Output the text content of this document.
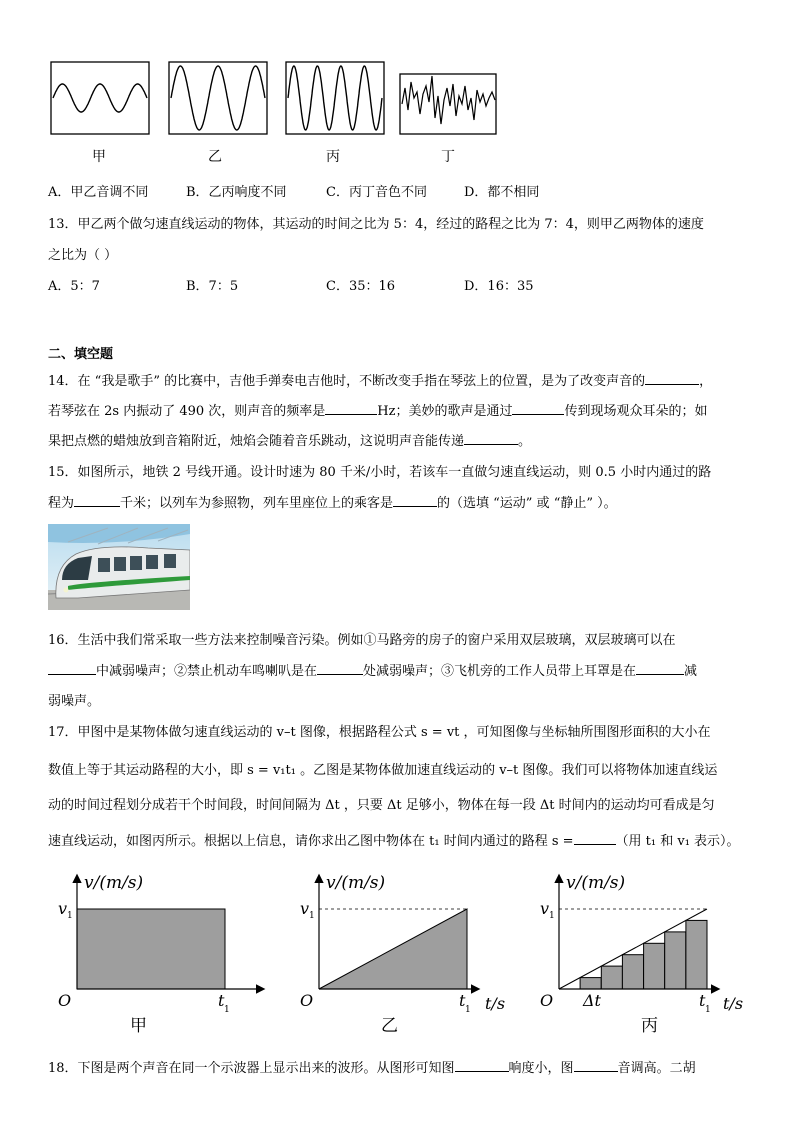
甲	乙	丙	丁
A．甲乙音调不同	B．乙丙响度不同	C．丙丁音色不同	D．都不相同
13．甲乙两个做匀速直线运动的物体，其运动的时间之比为 5：4，经过的路程之比为 7：4，则甲乙两物体的速度
之比为（ ）
A．5：7	B．7：5	C．35：16	D．16：35
二、填空题
14．在 “我是歌手” 的比赛中，吉他手弹奏电吉他时，不断改变手指在琴弦上的位置，是为了改变声音的	，
若琴弦在 2s 内振动了 490 次，则声音的频率是	Hz；美妙的歌声是通过	传到现场观众耳朵的；如
果把点燃的蜡烛放到音箱附近，烛焰会随着音乐跳动，这说明声音能传递	。
15．如图所示，地铁 2 号线开通。设计时速为 80 千米/小时，若该车一直做匀速直线运动，则 0.5 小时内通过的路
程为	千米；以列车为参照物，列车里座位上的乘客是	的（选填 “运动” 或 “静止” ）。
16．生活中我们常采取一些方法来控制噪音污染。例如①马路旁的房子的窗户采用双层玻璃，双层玻璃可以在
中减弱噪声；②禁止机动车鸣喇叭是在	处减弱噪声；③飞机旁的工作人员带上耳罩是在	减
弱噪声。
17．甲图中是某物体做匀速直线运动的 v–t 图像，根据路程公式 s = vt ，可知图像与坐标轴所围图形面积的大小在
数值上等于其运动路程的大小，即 s = v₁t₁ 。乙图是某物体做加速直线运动的 v–t 图像。我们可以将物体加速直线运
动的时间过程划分成若干个时间段，时间间隔为 Δt ，只要 Δt 足够小，物体在每一段 Δt 时间内的运动均可看成是匀
速直线运动，如图丙所示。根据以上信息，请你求出乙图中物体在 t₁ 时间内通过的路程 s =	（用 t₁ 和 v₁ 表示）。
v/(m/s)
v 1
O	t 1
甲
v/(m/s)
v 1
O	t 1 t/s
乙
v/(m/s)
v 1
O Δt	t 1 t/s
丙
18．下图是两个声音在同一个示波器上显示出来的波形。从图形可知图	响度小，图	音调高。二胡
